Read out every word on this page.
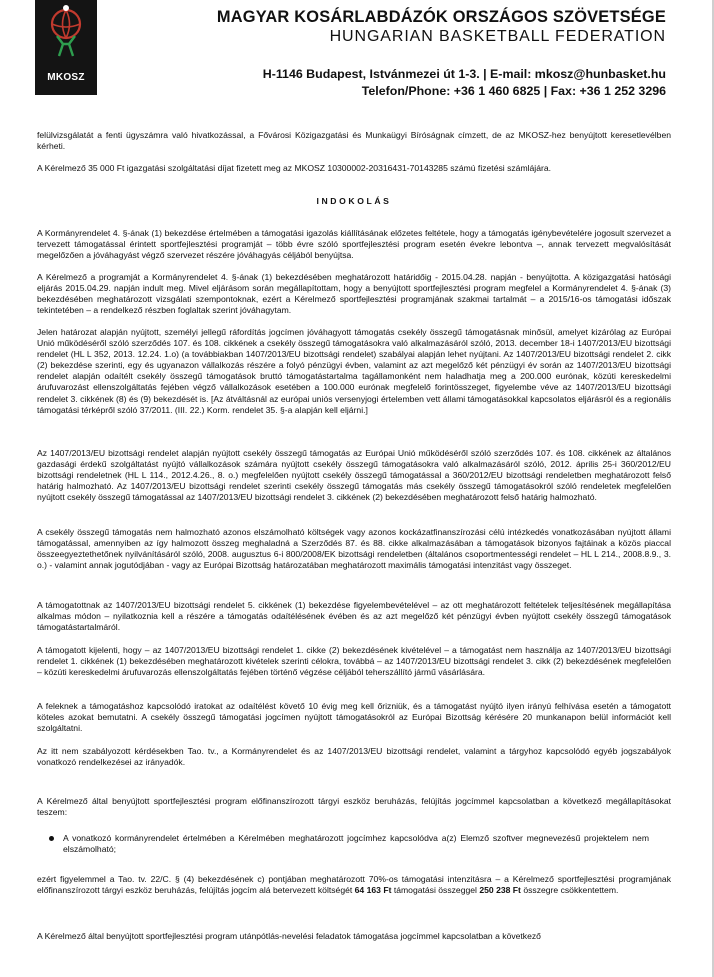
MKOSZ
MAGYAR KOSÁRLABDÁZÓK ORSZÁGOS SZÖVETSÉGE
HUNGARIAN BASKETBALL FEDERATION
H-1146 Budapest, Istvánmezei út 1-3. | E-mail: mkosz@hunbasket.hu
Telefon/Phone: +36 1 460 6825 | Fax: +36 1 252 3296

felülvizsgálatát a fenti ügyszámra való hivatkozással, a Fővárosi Közigazgatási és Munkaügyi Bíróságnak címzett, de az MKOSZ-hez benyújtott keresetlevélben kérheti.

A Kérelmező 35 000 Ft igazgatási szolgáltatási díjat fizetett meg az MKOSZ 10300002-20316431-70143285 számú fizetési számlájára.

INDOKOLÁS

A Kormányrendelet 4. §-ának (1) bekezdése értelmében a támogatási igazolás kiállításának előzetes feltétele, hogy a támogatás igénybevételére jogosult szervezet a tervezett támogatással érintett sportfejlesztési programját – több évre szóló sportfejlesztési program esetén évekre lebontva –, annak tervezett megvalósítását megelőzően a jóváhagyást végző szervezet részére jóváhagyás céljából benyújtsa.

A Kérelmező a programját a Kormányrendelet 4. §-ának (1) bekezdésében meghatározott határidőig - 2015.04.28. napján - benyújtotta. A közigazgatási hatósági eljárás 2015.04.29. napján indult meg. Mivel eljárásom során megállapítottam, hogy a benyújtott sportfejlesztési program megfelel a Kormányrendelet 4. §-ának (3) bekezdésében meghatározott vizsgálati szempontoknak, ezért a Kérelmező sportfejlesztési programjának szakmai tartalmát – a 2015/16-os támogatási időszak tekintetében – a rendelkező részben foglaltak szerint jóváhagytam.

Jelen határozat alapján nyújtott, személyi jellegű ráfordítás jogcímen jóváhagyott támogatás csekély összegű támogatásnak minősül, amelyet kizárólag az Európai Unió működéséről szóló szerződés 107. és 108. cikkének a csekély összegű támogatásokra való alkalmazásáról szóló, 2013. december 18-i 1407/2013/EU bizottsági rendelet (HL L 352, 2013. 12.24. 1.o) (a továbbiakban 1407/2013/EU bizottsági rendelet) szabályai alapján lehet nyújtani. Az 1407/2013/EU bizottsági rendelet 2. cikk (2) bekezdése szerinti, egy és ugyanazon vállalkozás részére a folyó pénzügyi évben, valamint az azt megelőző két pénzügyi év során az 1407/2013/EU bizottsági rendelet alapján odaítélt csekély összegű támogatások bruttó támogatástartalma tagállamonként nem haladhatja meg a 200.000 eurónak, közúti kereskedelmi árufuvarozást ellenszolgáltatás fejében végző vállalkozások esetében a 100.000 eurónak megfelelő forintösszeget, figyelembe véve az 1407/2013/EU bizottsági rendelet 3. cikkének (8) és (9) bekezdését is. [Az átváltásnál az európai uniós versenyjogi értelemben vett állami támogatásokkal kapcsolatos eljárásról és a regionális támogatási térképről szóló 37/2011. (III. 22.) Korm. rendelet 35. §-a alapján kell eljárni.]

Az 1407/2013/EU bizottsági rendelet alapján nyújtott csekély összegű támogatás az Európai Unió működéséről szóló szerződés 107. és 108. cikkének az általános gazdasági érdekű szolgáltatást nyújtó vállalkozások számára nyújtott csekély összegű támogatásokra való alkalmazásáról szóló, 2012. április 25-i 360/2012/EU bizottsági rendeletnek (HL L 114., 2012.4.26., 8. o.) megfelelően nyújtott csekély összegű támogatással a 360/2012/EU bizottsági rendeletben meghatározott felső határig halmozható. Az 1407/2013/EU bizottsági rendelet szerinti csekély összegű támogatás más csekély összegű támogatásokról szóló rendeletek megfelelően nyújtott csekély összegű támogatással az 1407/2013/EU bizottsági rendelet 3. cikkének (2) bekezdésében meghatározott felső határig halmozható.

A csekély összegű támogatás nem halmozható azonos elszámolható költségek vagy azonos kockázatfinanszírozási célú intézkedés vonatkozásában nyújtott állami támogatással, amennyiben az így halmozott összeg meghaladná a Szerződés 87. és 88. cikke alkalmazásában a támogatások bizonyos fajtáinak a közös piaccal összeegyeztethetőnek nyilvánításáról szóló, 2008. augusztus 6-i 800/2008/EK bizottsági rendeletben (általános csoportmentességi rendelet – HL L 214., 2008.8.9., 3. o.) - valamint annak jogutódjában - vagy az Európai Bizottság határozatában meghatározott maximális támogatási intenzitást vagy összeget.

A támogatottnak az 1407/2013/EU bizottsági rendelet 5. cikkének (1) bekezdése figyelembevételével – az ott meghatározott feltételek teljesítésének megállapítása alkalmas módon – nyilatkoznia kell a részére a támogatás odaítélésének évében és az azt megelőző két pénzügyi évben nyújtott csekély összegű támogatások támogatástartalmáról.

A támogatott kijelenti, hogy – az 1407/2013/EU bizottsági rendelet 1. cikke (2) bekezdésének kivételével – a támogatást nem használja az 1407/2013/EU bizottsági rendelet 1. cikkének (1) bekezdésében meghatározott kivételek szerinti célokra, továbbá – az 1407/2013/EU bizottsági rendelet 3. cikk (2) bekezdésének megfelelően – közúti kereskedelmi árufuvarozás ellenszolgáltatás fejében történő végzése céljából teherszállító jármű vásárlására.

A feleknek a támogatáshoz kapcsolódó iratokat az odaítélést követő 10 évig meg kell őrizniük, és a támogatást nyújtó ilyen irányú felhívása esetén a támogatott köteles azokat bemutatni. A csekély összegű támogatási jogcímen nyújtott támogatásokról az Európai Bizottság kérésére 20 munkanapon belül információt kell szolgáltatni.

Az itt nem szabályozott kérdésekben Tao. tv., a Kormányrendelet és az 1407/2013/EU bizottsági rendelet, valamint a tárgyhoz kapcsolódó egyéb jogszabályok vonatkozó rendelkezései az irányadók.

A Kérelmező által benyújtott sportfejlesztési program előfinanszírozott tárgyi eszköz beruházás, felújítás jogcímmel kapcsolatban a következő megállapításokat teszem:

A vonatkozó kormányrendelet értelmében a Kérelmében meghatározott jogcímhez kapcsolódva a(z) Elemző szoftver megnevezésű projektelem nem elszámolható;

ezért figyelemmel a Tao. tv. 22/C. § (4) bekezdésének c) pontjában meghatározott 70%-os támogatási intenzitásra – a Kérelmező sportfejlesztési programjának előfinanszírozott tárgyi eszköz beruházás, felújítás jogcím alá betervezett költségét 64 163 Ft támogatási összeggel 250 238 Ft összegre csökkentettem.

A Kérelmező által benyújtott sportfejlesztési program utánpótlás-nevelési feladatok támogatása jogcímmel kapcsolatban a következő
